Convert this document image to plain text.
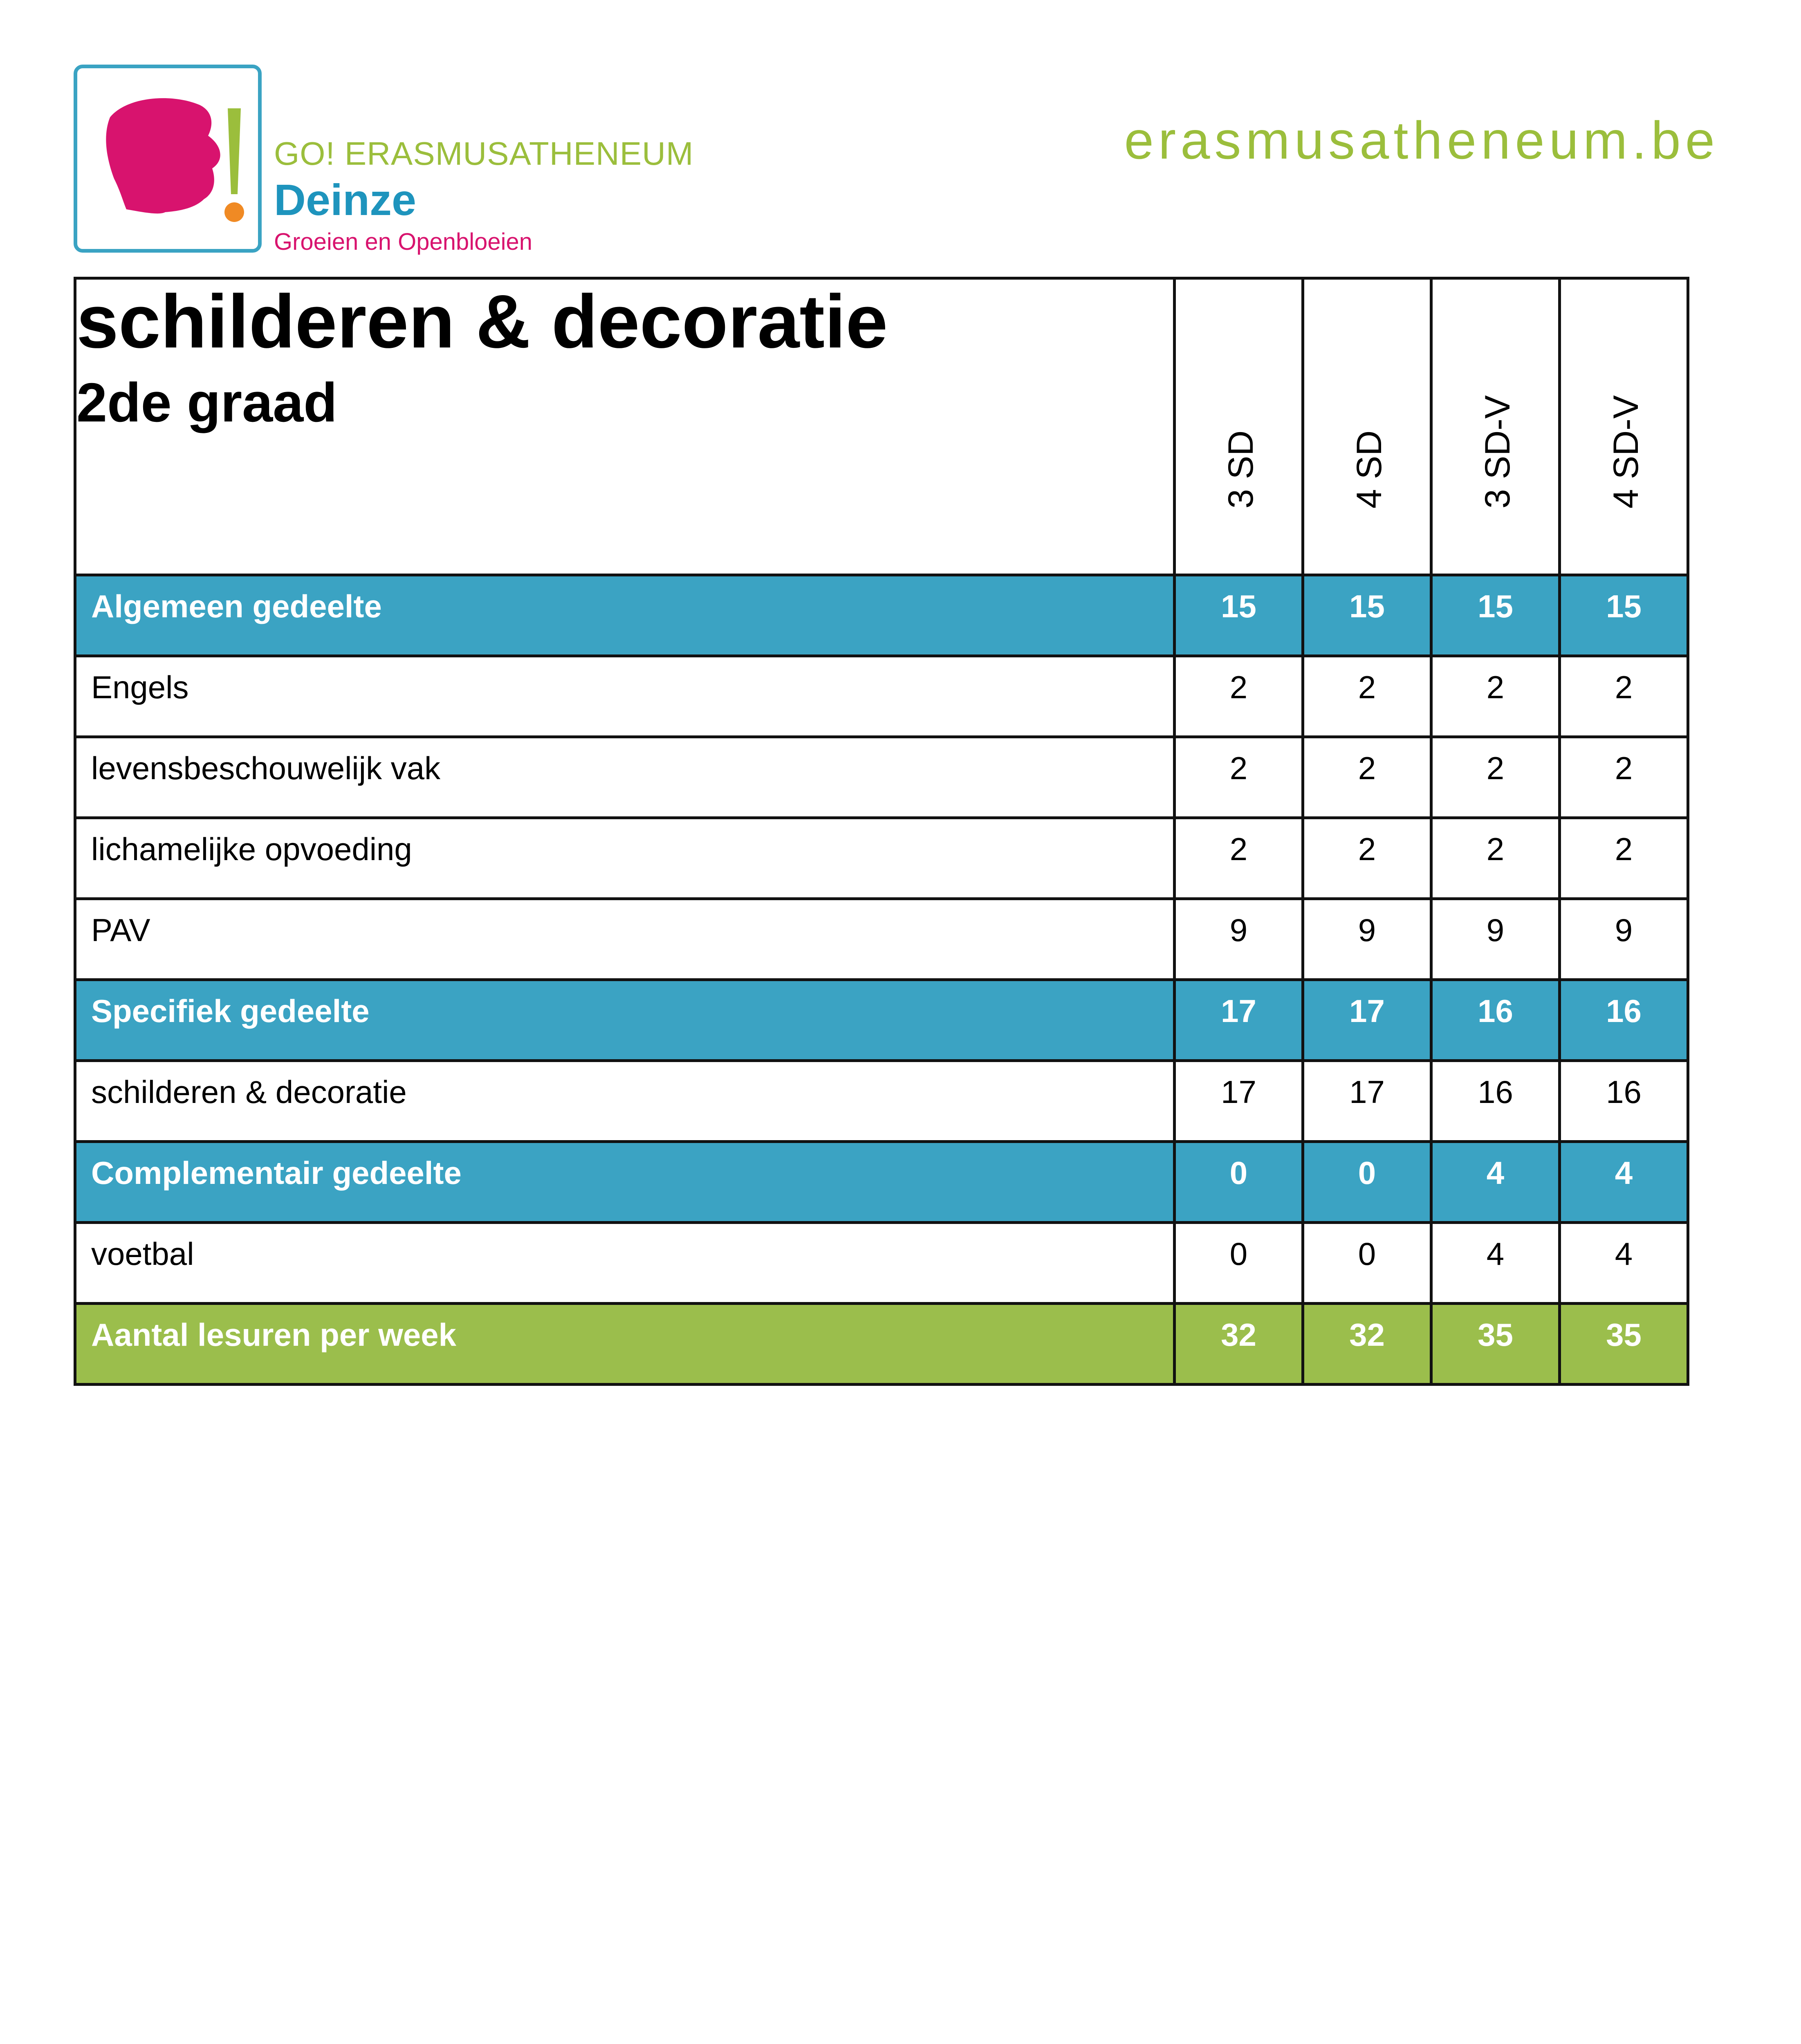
GO! ERASMUSATHENEUM
Deinze
Groeien en Openbloeien
erasmusatheneum.be
schilderen & decoratie
2de graad	3 SD	4 SD	3 SD-V	4 SD-V

Algemeen gedeelte	15	15	15	15
Engels	2	2	2	2
levensbeschouwelijk vak	2	2	2	2
lichamelijke opvoeding	2	2	2	2
PAV	9	9	9	9
Specifiek gedeelte	17	17	16	16
schilderen & decoratie	17	17	16	16
Complementair gedeelte	0	0	4	4
voetbal	0	0	4	4
Aantal lesuren per week	32	32	35	35
